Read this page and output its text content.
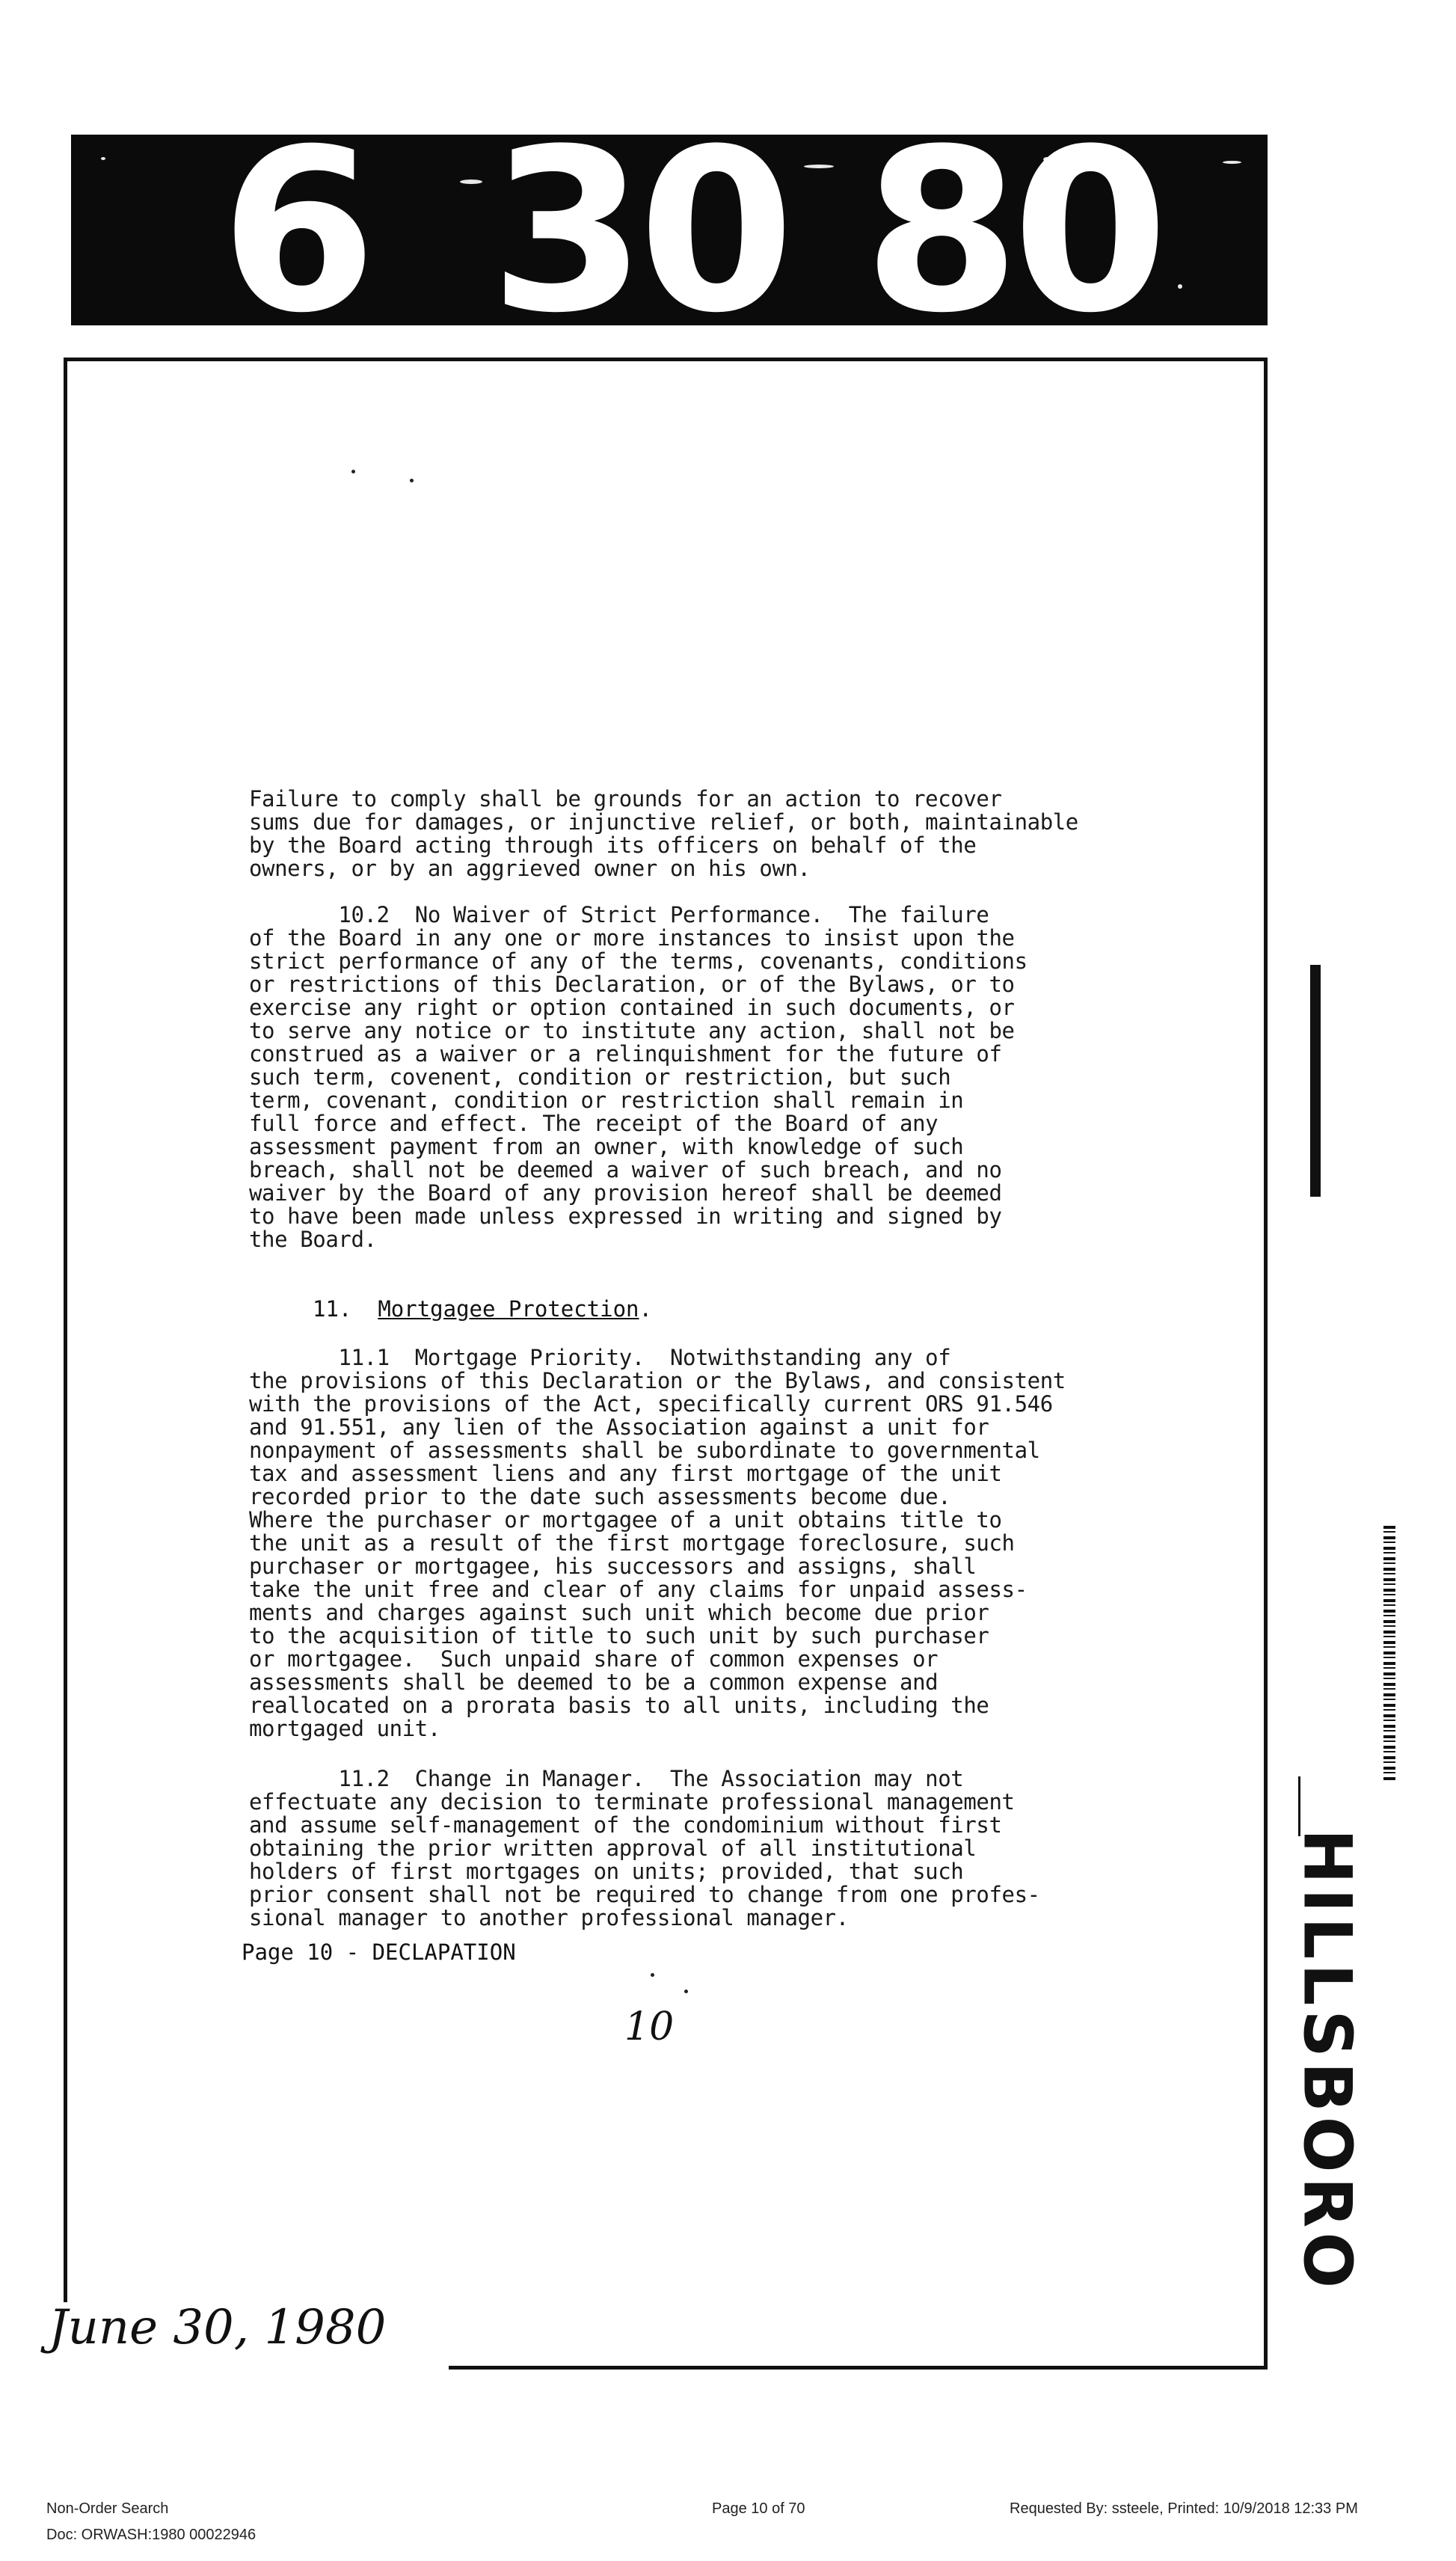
6 30 80
Failure to comply shall be grounds for an action to recover
sums due for damages, or injunctive relief, or both, maintainable
by the Board acting through its officers on behalf of the
owners, or by an aggrieved owner on his own.
10.2  No Waiver of Strict Performance.  The failure
of the Board in any one or more instances to insist upon the
strict performance of any of the terms, covenants, conditions
or restrictions of this Declaration, or of the Bylaws, or to
exercise any right or option contained in such documents, or
to serve any notice or to institute any action, shall not be
construed as a waiver or a relinquishment for the future of
such term, covenent, condition or restriction, but such
term, covenant, condition or restriction shall remain in
full force and effect. The receipt of the Board of any
assessment payment from an owner, with knowledge of such
breach, shall not be deemed a waiver of such breach, and no
waiver by the Board of any provision hereof shall be deemed
to have been made unless expressed in writing and signed by
the Board.
11. Mortgagee Protection.
11.1  Mortgage Priority.  Notwithstanding any of
the provisions of this Declaration or the Bylaws, and consistent
with the provisions of the Act, specifically current ORS 91.546
and 91.551, any lien of the Association against a unit for
nonpayment of assessments shall be subordinate to governmental
tax and assessment liens and any first mortgage of the unit
recorded prior to the date such assessments become due.
Where the purchaser or mortgagee of a unit obtains title to
the unit as a result of the first mortgage foreclosure, such
purchaser or mortgagee, his successors and assigns, shall
take the unit free and clear of any claims for unpaid assess-
ments and charges against such unit which become due prior
to the acquisition of title to such unit by such purchaser
or mortgagee.  Such unpaid share of common expenses or
assessments shall be deemed to be a common expense and
reallocated on a prorata basis to all units, including the
mortgaged unit.
11.2  Change in Manager.  The Association may not
effectuate any decision to terminate professional management
and assume self-management of the condominium without first
obtaining the prior written approval of all institutional
holders of first mortgages on units; provided, that such
prior consent shall not be required to change from one profes-
sional manager to another professional manager.
Page 10 - DECLAPATION
10
June 30, 1980
HILLSBORO
Non-Order Search
Doc: ORWASH:1980 00022946
Page 10 of 70	Requested By: ssteele, Printed: 10/9/2018 12:33 PM
